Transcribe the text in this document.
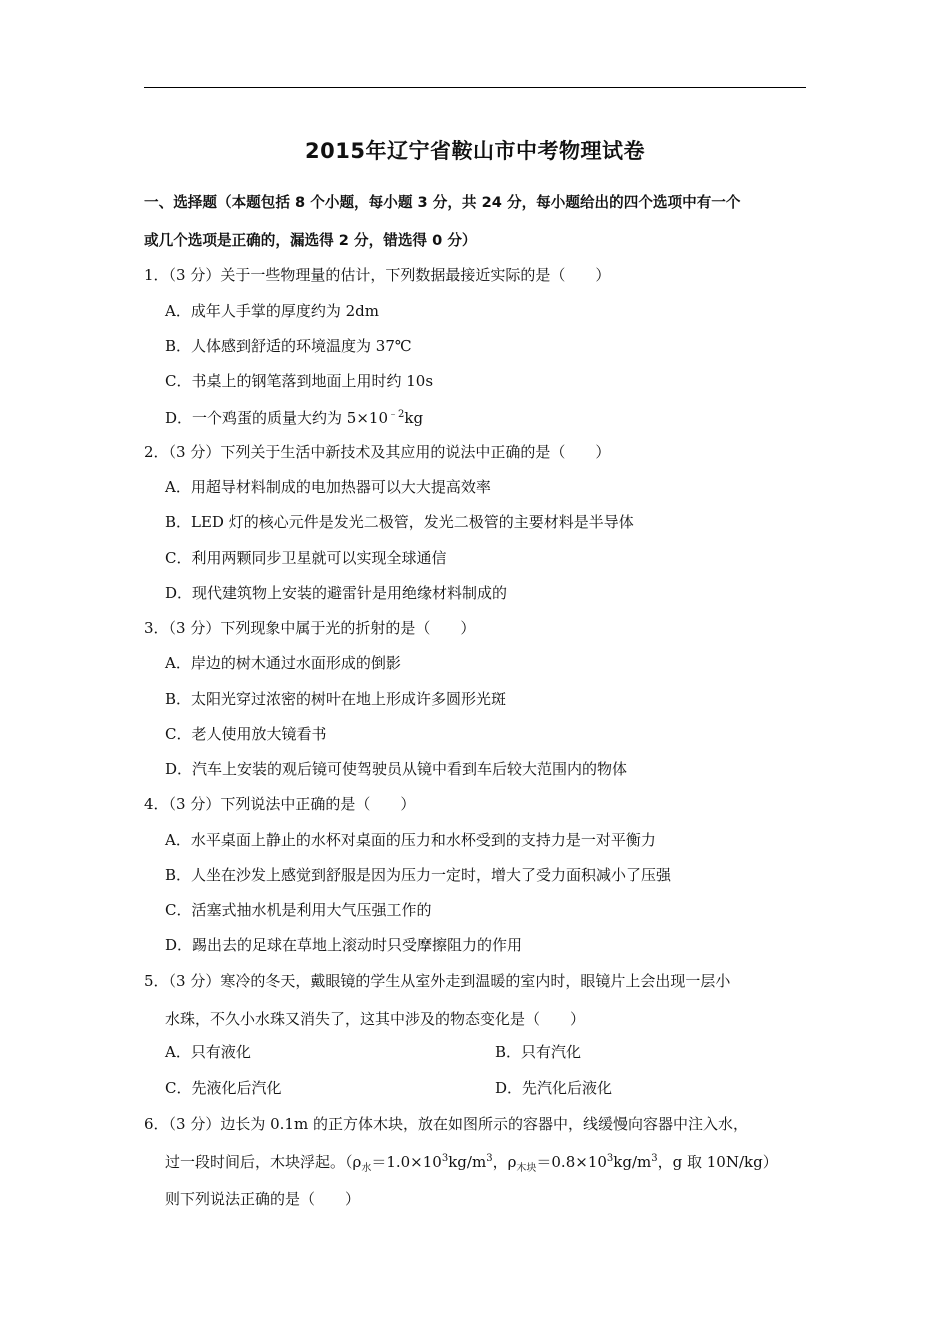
2015年辽宁省鞍山市中考物理试卷
一、选择题（本题包括 8 个小题，每小题 3 分，共 24 分，每小题给出的四个选项中有一个
或几个选项是正确的，漏选得 2 分，错选得 0 分）
1．（3 分）关于一些物理量的估计，下列数据最接近实际的是（　　）
A．成年人手掌的厚度约为 2dm
B．人体感到舒适的环境温度为 37℃
C．书桌上的钢笔落到地面上用时约 10s
D．一个鸡蛋的质量大约为 $5\times 10^{﹣2}kg$
2．（3 分）下列关于生活中新技术及其应用的说法中正确的是（　　）
A．用超导材料制成的电加热器可以大大提高效率
B．LED 灯的核心元件是发光二极管，发光二极管的主要材料是半导体
C．利用两颗同步卫星就可以实现全球通信
D．现代建筑物上安装的避雷针是用绝缘材料制成的
3．（3 分）下列现象中属于光的折射的是（　　）
A．岸边的树木通过水面形成的倒影
B．太阳光穿过浓密的树叶在地上形成许多圆形光斑
C．老人使用放大镜看书
D．汽车上安装的观后镜可使驾驶员从镜中看到车后较大范围内的物体
4．（3 分）下列说法中正确的是（　　）
A．水平桌面上静止的水杯对桌面的压力和水杯受到的支持力是一对平衡力
B．人坐在沙发上感觉到舒服是因为压力一定时，增大了受力面积减小了压强
C．活塞式抽水机是利用大气压强工作的
D．踢出去的足球在草地上滚动时只受摩擦阻力的作用
5．（3 分）寒冷的冬天，戴眼镜的学生从室外走到温暖的室内时，眼镜片上会出现一层小
水珠，不久小水珠又消失了，这其中涉及的物态变化是（　　）
A．只有液化	B．只有汽化
C．先液化后汽化	D．先汽化后液化
6．（3 分）边长为 0.1m 的正方体木块，放在如图所示的容器中，线缓慢向容器中注入水，
过一段时间后，木块浮起。（$\rho_水=1.0\times 10^3kg/m^3$，$\rho_{木块}=0.8\times 10^3kg/m^3$，g 取 10N/kg）
则下列说法正确的是（　　）
